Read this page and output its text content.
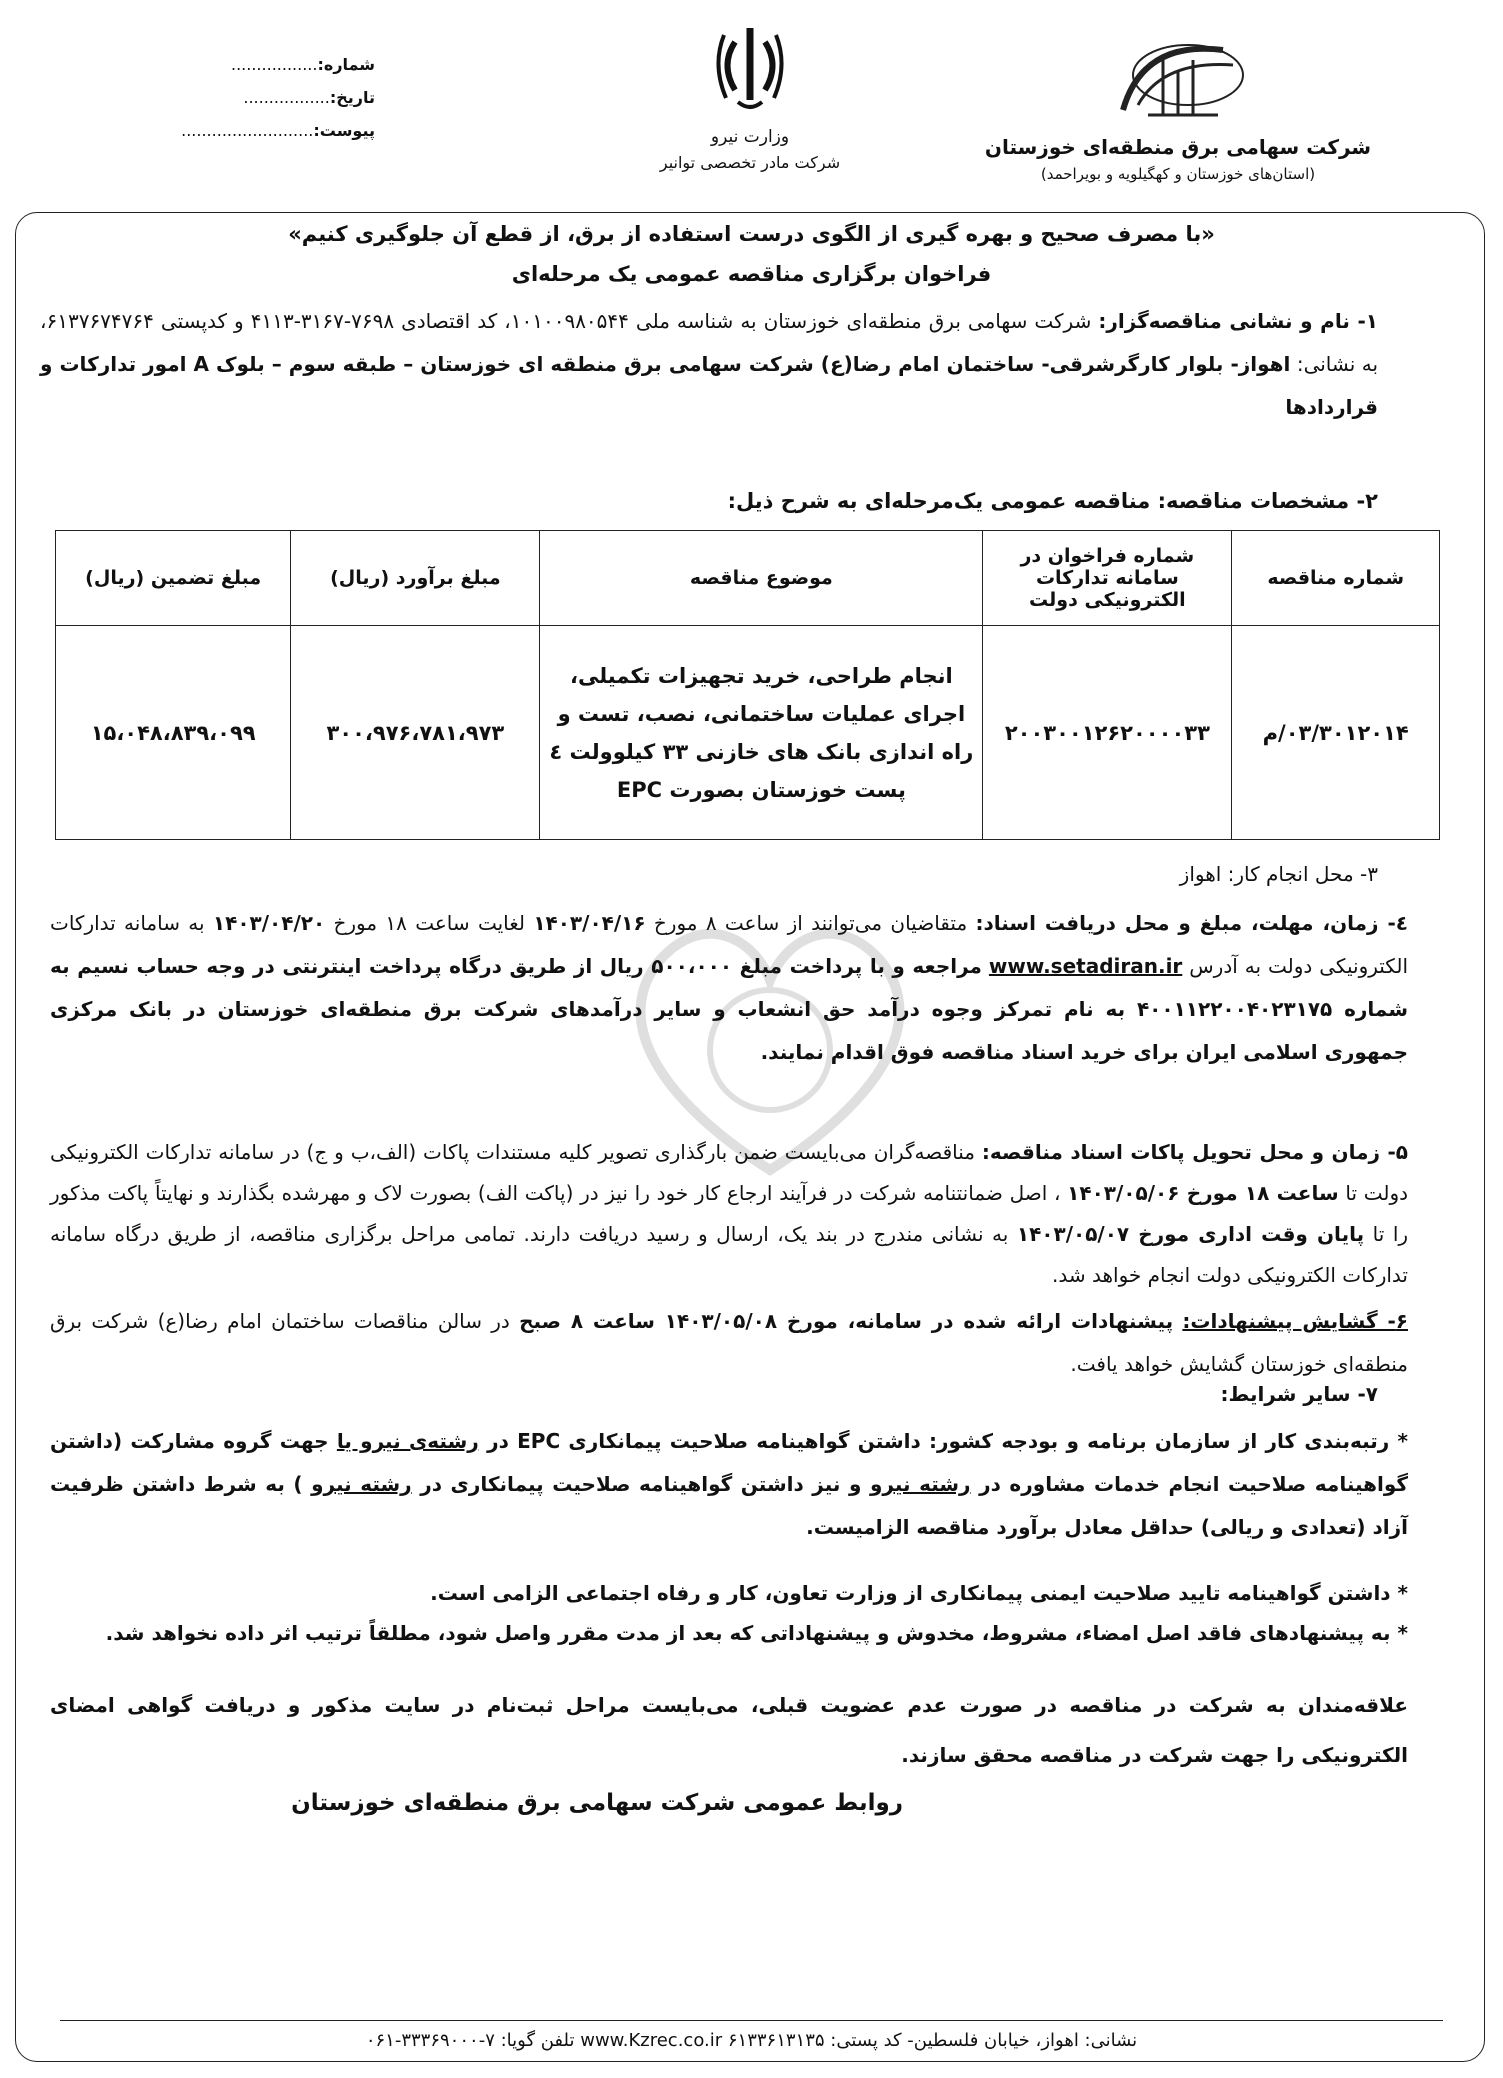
شرکت سهامی برق منطقه‌ای خوزستان
(استان‌های خوزستان و کهگیلویه و بویراحمد)
وزارت نیرو
شرکت مادر تخصصی توانیر
شماره:.................
تاریخ:.................
پیوست:..........................
«با مصرف صحیح و بهره گیری از الگوی درست استفاده از برق، از قطع آن جلوگیری کنیم»
فراخوان برگزاری مناقصه عمومی یک مرحله‌ای
۱- نام و نشانی مناقصه‌گزار: شرکت سهامی برق منطقه‌ای خوزستان به شناسه ملی ۱۰۱۰۰۹۸۰۵۴۴، کد اقتصادی ۷۶۹۸-۳۱۶۷-۴۱۱۳ و کدپستی ۶۱۳۷۶۷۴۷۶۴، به نشانی: اهواز- بلوار کارگرشرقی- ساختمان امام رضا(ع) شرکت سهامی برق منطقه ای خوزستان – طبقه سوم – بلوک A امور تدارکات و قراردادها
۲- مشخصات مناقصه: مناقصه عمومی یک‌مرحله‌ای به شرح ذیل:
شماره مناقصه	شماره فراخوان در سامانه تدارکات الکترونیکی دولت	موضوع مناقصه	مبلغ برآورد (ریال)	مبلغ تضمین (ریال)
۰۳/۳۰۱۲۰۱۴/م	۲۰۰۳۰۰۱۲۶۲۰۰۰۰۳۳	انجام طراحی، خرید تجهیزات تکمیلی، اجرای عملیات ساختمانی، نصب، تست و راه اندازی بانک های خازنی ۳۳ کیلوولت ٤ پست خوزستان بصورت EPC	۳۰۰،۹۷۶،۷۸۱،۹۷۳	۱۵،۰۴۸،۸۳۹،۰۹۹
۳- محل انجام کار: اهواز
٤- زمان، مهلت، مبلغ و محل دریافت اسناد: متقاضیان می‌توانند از ساعت ۸ مورخ ۱۴۰۳/۰۴/۱۶ لغایت ساعت ۱۸ مورخ ۱۴۰۳/۰۴/۲۰ به سامانه تدارکات الکترونیکی دولت به آدرس www.setadiran.ir مراجعه و با پرداخت مبلغ ۵۰۰،۰۰۰ ریال از طریق درگاه پرداخت اینترنتی در وجه حساب نسیم به شماره ۴۰۰۱۱۲۲۰۰۴۰۲۳۱۷۵ به نام تمرکز وجوه درآمد حق انشعاب و سایر درآمدهای شرکت برق منطقه‌ای خوزستان در بانک مرکزی جمهوری اسلامی ایران برای خرید اسناد مناقصه فوق اقدام نمایند.
۵- زمان و محل تحویل پاکات اسناد مناقصه: مناقصه‌گران می‌بایست ضمن بارگذاری تصویر کلیه مستندات پاکات (الف،ب و ج) در سامانه تدارکات الکترونیکی دولت تا ساعت ۱۸ مورخ ۱۴۰۳/۰۵/۰۶ ، اصل ضمانتنامه شرکت در فرآیند ارجاع کار خود را نیز در (پاکت الف) بصورت لاک و مهرشده بگذارند و نهایتاً پاکت مذکور را تا پایان وقت اداری مورخ ۱۴۰۳/۰۵/۰۷ به نشانی مندرج در بند یک، ارسال و رسید دریافت دارند. تمامی مراحل برگزاری مناقصه، از طریق درگاه سامانه تدارکات الکترونیکی دولت انجام خواهد شد.
۶- گشایش پیشنهادات: پیشنهادات ارائه شده در سامانه، مورخ ۱۴۰۳/۰۵/۰۸ ساعت ۸ صبح در سالن مناقصات ساختمان امام رضا(ع) شرکت برق منطقه‌ای خوزستان گشایش خواهد یافت.
۷- سایر شرایط:
* رتبه‌بندی کار از سازمان برنامه و بودجه کشور: داشتن گواهینامه صلاحیت پیمانکاری EPC در رشته‌ی نیرو یا جهت گروه مشارکت (داشتن گواهینامه صلاحیت انجام خدمات مشاوره در رشته نیرو و نیز داشتن گواهینامه صلاحیت پیمانکاری در رشته نیرو ) به شرط داشتن ظرفیت آزاد (تعدادی و ریالی) حداقل معادل برآورد مناقصه الزامیست.
* داشتن گواهینامه تایید صلاحیت ایمنی پیمانکاری از وزارت تعاون، کار و رفاه اجتماعی الزامی است.
* به پیشنهادهای فاقد اصل امضاء، مشروط، مخدوش و پیشنهاداتی که بعد از مدت مقرر واصل شود، مطلقاً ترتیب اثر داده نخواهد شد.
علاقه‌مندان به شرکت در مناقصه در صورت عدم عضویت قبلی، می‌بایست مراحل ثبت‌نام در سایت مذکور و دریافت گواهی امضای الکترونیکی را جهت شرکت در مناقصه محقق سازند.
روابط عمومی شرکت سهامی برق منطقه‌ای خوزستان
نشانی: اهواز، خیابان فلسطین- کد پستی: ۶۱۳۳۶۱۳۱۳۵ www.Kzrec.co.ir تلفن گویا: ۷-۳۳۳۶۹۰۰۰-۰۶۱
